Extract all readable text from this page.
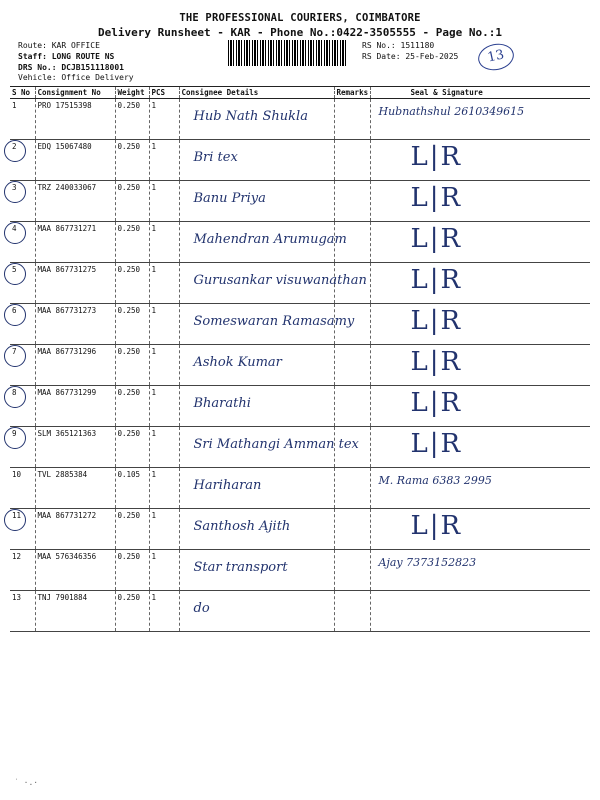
THE PROFESSIONAL COURIERS, COIMBATORE
Delivery Runsheet - KAR - Phone No.:0422-3505555 - Page No.:1
Route: KAR OFFICE
Staff: LONG ROUTE NS
DRS No.: DCJB151118001
Vehicle: Office Delivery
RS No.: 1511180
RS Date: 25-Feb-2025	13
S No	Consignment No	Weight	PCS	Consignee Details	Remarks	Seal & Signature
1	PRO 17515398	0.250	1	Hub Nath Shukla		Hubnathshul 2610349615

2	EDQ 15067480	0.250	1	Bri tex		L|R

3	TRZ 240033067	0.250	1	Banu Priya		L|R

4	MAA 867731271	0.250	1	Mahendran Arumugam		L|R

5	MAA 867731275	0.250	1	Gurusankar visuwanathan		L|R

6	MAA 867731273	0.250	1	Someswaran Ramasamy		L|R

7	MAA 867731296	0.250	1	Ashok Kumar		L|R

8	MAA 867731299	0.250	1	Bharathi		L|R

9	SLM 365121363	0.250	1	Sri Mathangi Amman tex		L|R

10	TVL 2885384	0.105	1	Hariharan		M. Rama 6383 2995

11	MAA 867731272	0.250	1	Santhosh Ajith		L|R

12	MAA 576346356	0.250	1	Star transport		Ajay 7373152823

13	TNJ 7901884	0.250	1	do		

˙ ·.·
